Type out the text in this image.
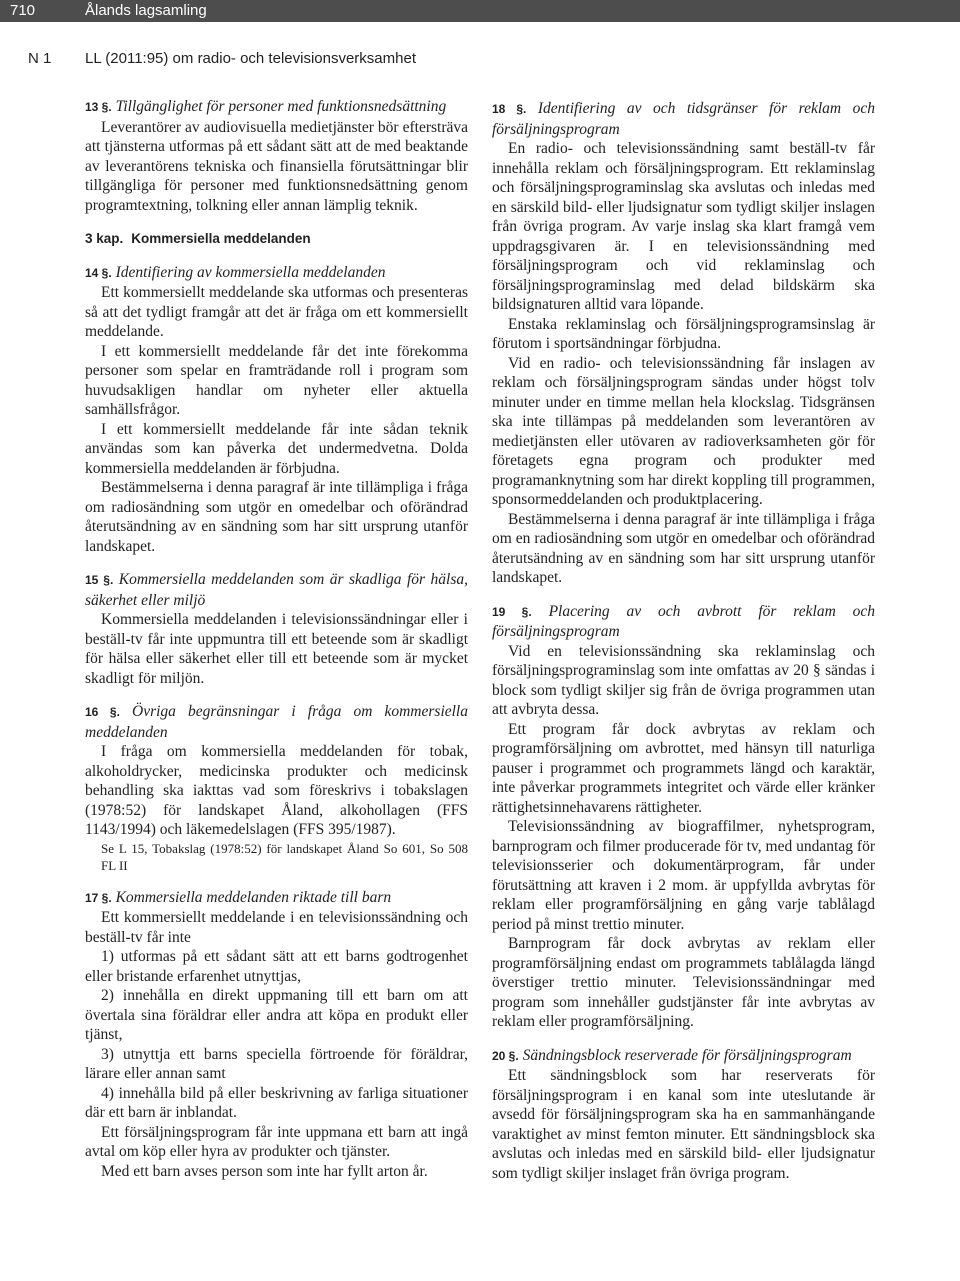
710	Ålands lagsamling
N 1 LL (2011:95) om radio- och televisionsverksamhet

13 §. Tillgänglighet för personer med funktionsnedsättning

Leverantörer av audiovisuella medietjänster bör eftersträva att tjänsterna utformas på ett sådant sätt att de med beaktande av leverantörens tekniska och finansiella förutsättningar blir tillgängliga för personer med funktionsnedsättning genom programtextning, tolkning eller annan lämplig teknik.

3 kap. Kommersiella meddelanden

14 §. Identifiering av kommersiella meddelanden

Ett kommersiellt meddelande ska utformas och presenteras så att det tydligt framgår att det är fråga om ett kommersiellt meddelande.

I ett kommersiellt meddelande får det inte förekomma personer som spelar en framträdande roll i program som huvudsakligen handlar om nyheter eller aktuella samhällsfrågor.

I ett kommersiellt meddelande får inte sådan teknik användas som kan påverka det undermedvetna. Dolda kommersiella meddelanden är förbjudna.

Bestämmelserna i denna paragraf är inte tillämpliga i fråga om radiosändning som utgör en omedelbar och oförändrad återutsändning av en sändning som har sitt ursprung utanför landskapet.

15 §. Kommersiella meddelanden som är skadliga för hälsa, säkerhet eller miljö

Kommersiella meddelanden i televisionssändningar eller i beställ-tv får inte uppmuntra till ett beteende som är skadligt för hälsa eller säkerhet eller till ett beteende som är mycket skadligt för miljön.

16 §. Övriga begränsningar i fråga om kommersiella meddelanden

I fråga om kommersiella meddelanden för tobak, alkoholdrycker, medicinska produkter och medicinsk behandling ska iakttas vad som föreskrivs i tobakslagen (1978:52) för landskapet Åland, alkohollagen (FFS 1143/1994) och läkemedelslagen (FFS 395/1987).

Se L 15, Tobakslag (1978:52) för landskapet Åland So 601, So 508 FL II

17 §. Kommersiella meddelanden riktade till barn

Ett kommersiellt meddelande i en televisionssändning och beställ-tv får inte

1) utformas på ett sådant sätt att ett barns godtrogenhet eller bristande erfarenhet utnyttjas,

2) innehålla en direkt uppmaning till ett barn om att övertala sina föräldrar eller andra att köpa en produkt eller tjänst,

3) utnyttja ett barns speciella förtroende för föräldrar, lärare eller annan samt

4) innehålla bild på eller beskrivning av farliga situationer där ett barn är inblandat.

Ett försäljningsprogram får inte uppmana ett barn att ingå avtal om köp eller hyra av produkter och tjänster.

Med ett barn avses person som inte har fyllt arton år.

18 §. Identifiering av och tidsgränser för reklam och försäljningsprogram

En radio- och televisionssändning samt beställ-tv får innehålla reklam och försäljningsprogram. Ett reklaminslag och försäljningsprograminslag ska avslutas och inledas med en särskild bild- eller ljudsignatur som tydligt skiljer inslagen från övriga program. Av varje inslag ska klart framgå vem uppdragsgivaren är. I en televisionssändning med försäljningsprogram och vid reklaminslag och försäljningsprograminslag med delad bildskärm ska bildsignaturen alltid vara löpande.

Enstaka reklaminslag och försäljningsprogramsinslag är förutom i sportsändningar förbjudna.

Vid en radio- och televisionssändning får inslagen av reklam och försäljningsprogram sändas under högst tolv minuter under en timme mellan hela klockslag. Tidsgränsen ska inte tillämpas på meddelanden som leverantören av medietjänsten eller utövaren av radioverksamheten gör för företagets egna program och produkter med programanknytning som har direkt koppling till programmen, sponsormeddelanden och produktplacering.

Bestämmelserna i denna paragraf är inte tillämpliga i fråga om en radiosändning som utgör en omedelbar och oförändrad återutsändning av en sändning som har sitt ursprung utanför landskapet.

19 §. Placering av och avbrott för reklam och försäljningsprogram

Vid en televisionssändning ska reklaminslag och försäljningsprograminslag som inte omfattas av 20 § sändas i block som tydligt skiljer sig från de övriga programmen utan att avbryta dessa.

Ett program får dock avbrytas av reklam och programförsäljning om avbrottet, med hänsyn till naturliga pauser i programmet och programmets längd och karaktär, inte påverkar programmets integritet och värde eller kränker rättighetsinnehavarens rättigheter.

Televisionssändning av biograffilmer, nyhetsprogram, barnprogram och filmer producerade för tv, med undantag för televisionsserier och dokumentärprogram, får under förutsättning att kraven i 2 mom. är uppfyllda avbrytas för reklam eller programförsäljning en gång varje tablålagd period på minst trettio minuter.

Barnprogram får dock avbrytas av reklam eller programförsäljning endast om programmets tablålagda längd överstiger trettio minuter. Televisionssändningar med program som innehåller gudstjänster får inte avbrytas av reklam eller programförsäljning.

20 §. Sändningsblock reserverade för försäljningsprogram

Ett sändningsblock som har reserverats för försäljningsprogram i en kanal som inte uteslutande är avsedd för försäljningsprogram ska ha en sammanhängande varaktighet av minst femton minuter. Ett sändningsblock ska avslutas och inledas med en särskild bild- eller ljudsignatur som tydligt skiljer inslaget från övriga program.
